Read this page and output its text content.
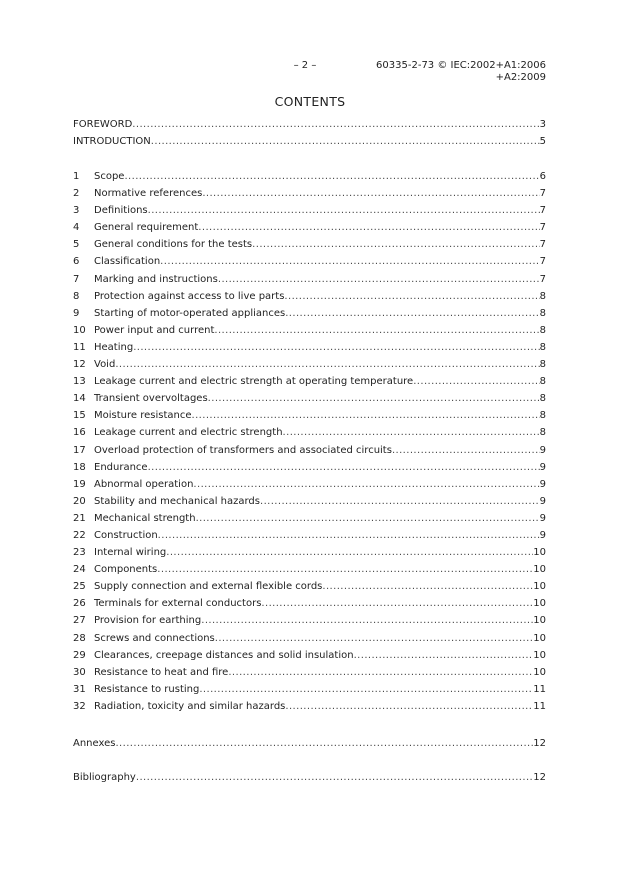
– 2 –	60335-2-73 © IEC:2002+A1:2006
+A2:2009
CONTENTS
FOREWORD .....	3
INTRODUCTION .....	5
1	Scope .....	6
2	Normative references .....	7
3	Definitions .....	7
4	General requirement .....	7
5	General conditions for the tests .....	7
6	Classification .....	7
7	Marking and instructions .....	7
8	Protection against access to live parts .....	8
9	Starting of motor-operated appliances .....	8
10 Power input and current .....	8
11 Heating .....	8
12 Void .....	8
13 Leakage current and electric strength at operating temperature .....	8
14 Transient overvoltages .....	8
15 Moisture resistance .....	8
16 Leakage current and electric strength .....	8
17 Overload protection of transformers and associated circuits .....	9
18 Endurance .....	9
19 Abnormal operation .....	9
20 Stability and mechanical hazards .....	9
21 Mechanical strength .....	9
22 Construction .....	9
23 Internal wiring .....	10
24 Components .....	10
25 Supply connection and external flexible cords .....	10
26 Terminals for external conductors .....	10
27 Provision for earthing .....	10
28 Screws and connections .....	10
29 Clearances, creepage distances and solid insulation .....	10
30 Resistance to heat and fire .....	10
31 Resistance to rusting .....	11
32 Radiation, toxicity and similar hazards .....	11
Annexes .....	12
Bibliography .....	12
